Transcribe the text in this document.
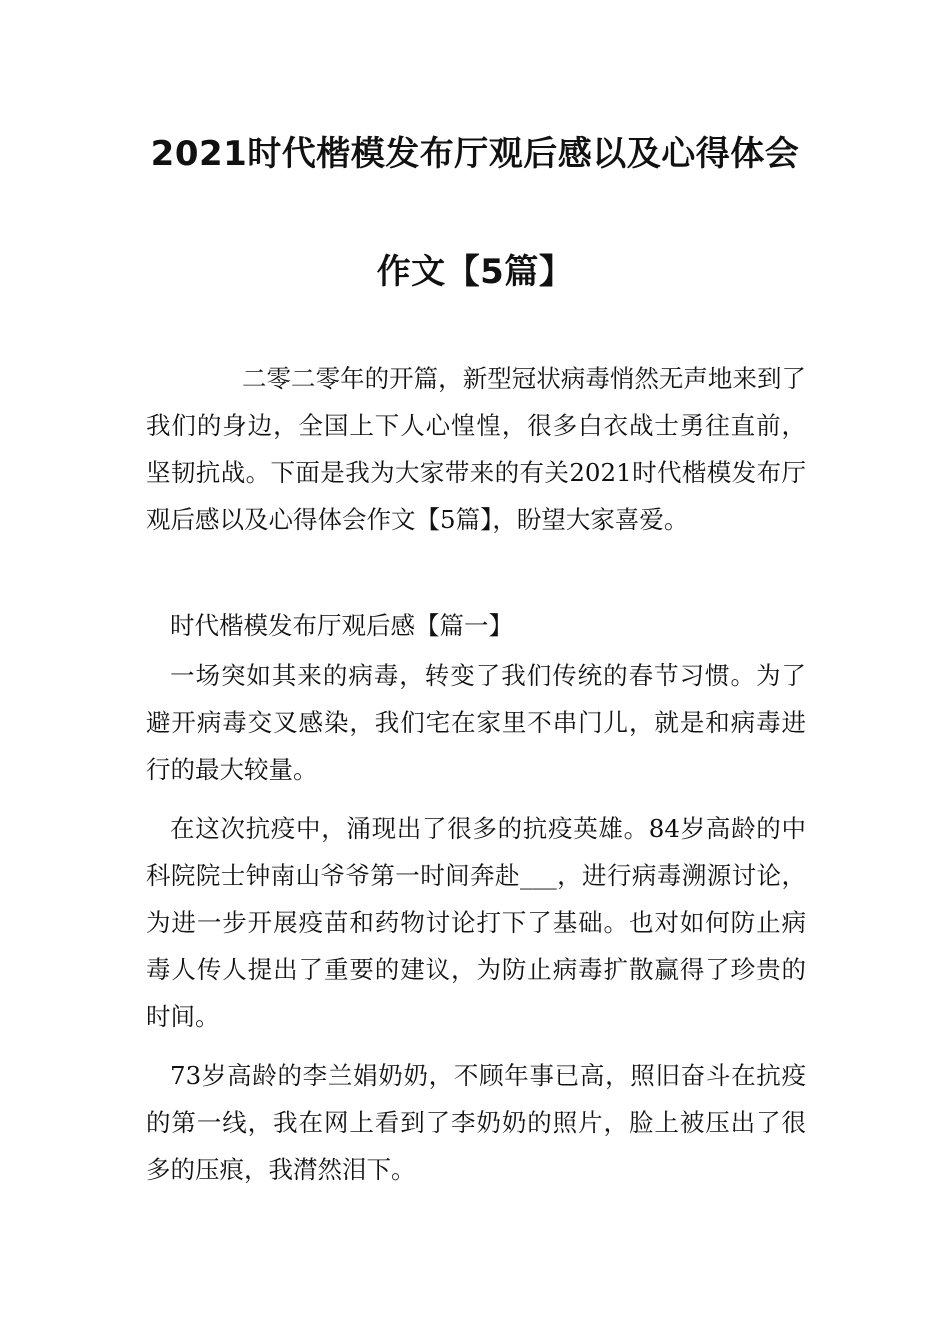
2021时代楷模发布厅观后感以及心得体会
作文【5篇】

二零二零年的开篇，新型冠状病毒悄然无声地来到了我们的身边，全国上下人心惶惶，很多白衣战士勇往直前，坚韧抗战。下面是我为大家带来的有关2021时代楷模发布厅观后感以及心得体会作文【5篇】，盼望大家喜爱。

时代楷模发布厅观后感【篇一】

一场突如其来的病毒，转变了我们传统的春节习惯。为了避开病毒交叉感染，我们宅在家里不串门儿，就是和病毒进行的最大较量。

在这次抗疫中，涌现出了很多的抗疫英雄。84岁高龄的中科院院士钟南山爷爷第一时间奔赴___，进行病毒溯源讨论，为进一步开展疫苗和药物讨论打下了基础。也对如何防止病毒人传人提出了重要的建议，为防止病毒扩散赢得了珍贵的时间。

73岁高龄的李兰娟奶奶，不顾年事已高，照旧奋斗在抗疫的第一线，我在网上看到了李奶奶的照片，脸上被压出了很多的压痕，我潸然泪下。
